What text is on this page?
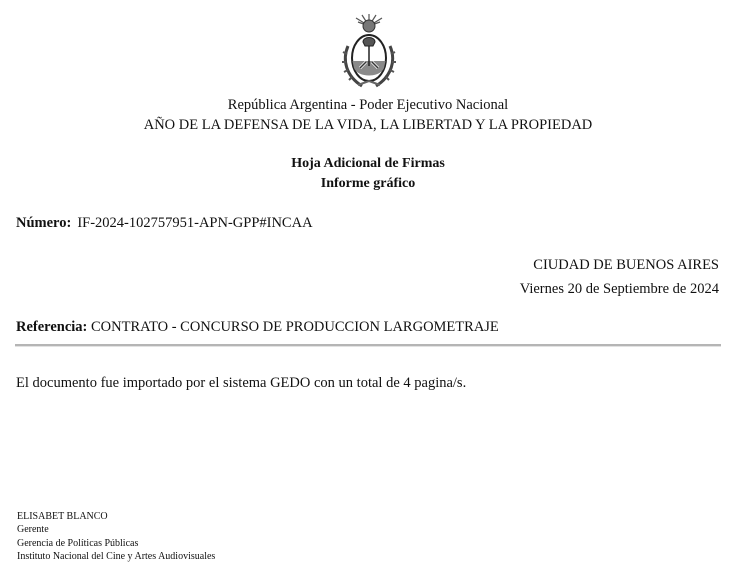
República Argentina - Poder Ejecutivo Nacional
AÑO DE LA DEFENSA DE LA VIDA, LA LIBERTAD Y LA PROPIEDAD
Hoja Adicional de Firmas
Informe gráfico
Número: IF-2024-102757951-APN-GPP#INCAA
CIUDAD DE BUENOS AIRES
Viernes 20 de Septiembre de 2024
Referencia: CONTRATO - CONCURSO DE PRODUCCION LARGOMETRAJE
El documento fue importado por el sistema GEDO con un total de 4 pagina/s.
ELISABET BLANCO
Gerente
Gerencia de Políticas Públicas
Instituto Nacional del Cine y Artes Audiovisuales
